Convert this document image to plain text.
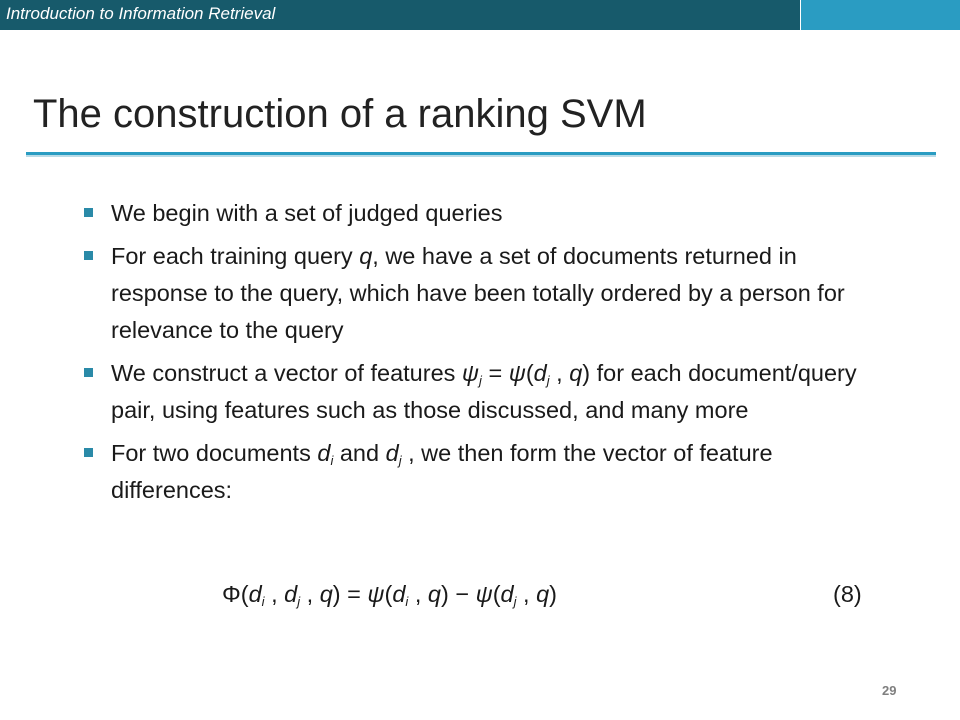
Introduction to Information Retrieval
The construction of a ranking SVM
We begin with a set of judged queries
For each training query q, we have a set of documents returned in response to the query, which have been totally ordered by a person for relevance to the query
We construct a vector of features $\psi_j = \psi(d_j$ , q) for each document/query pair, using features such as those discussed, and many more
For two documents $d_i$ and $d_j$ , we then form the vector of feature differences:
$\Phi(d_i$ , $d_j$ , $q) = \psi(d_i$ , $q) - \psi(d_j$ , q)	(8)
29
